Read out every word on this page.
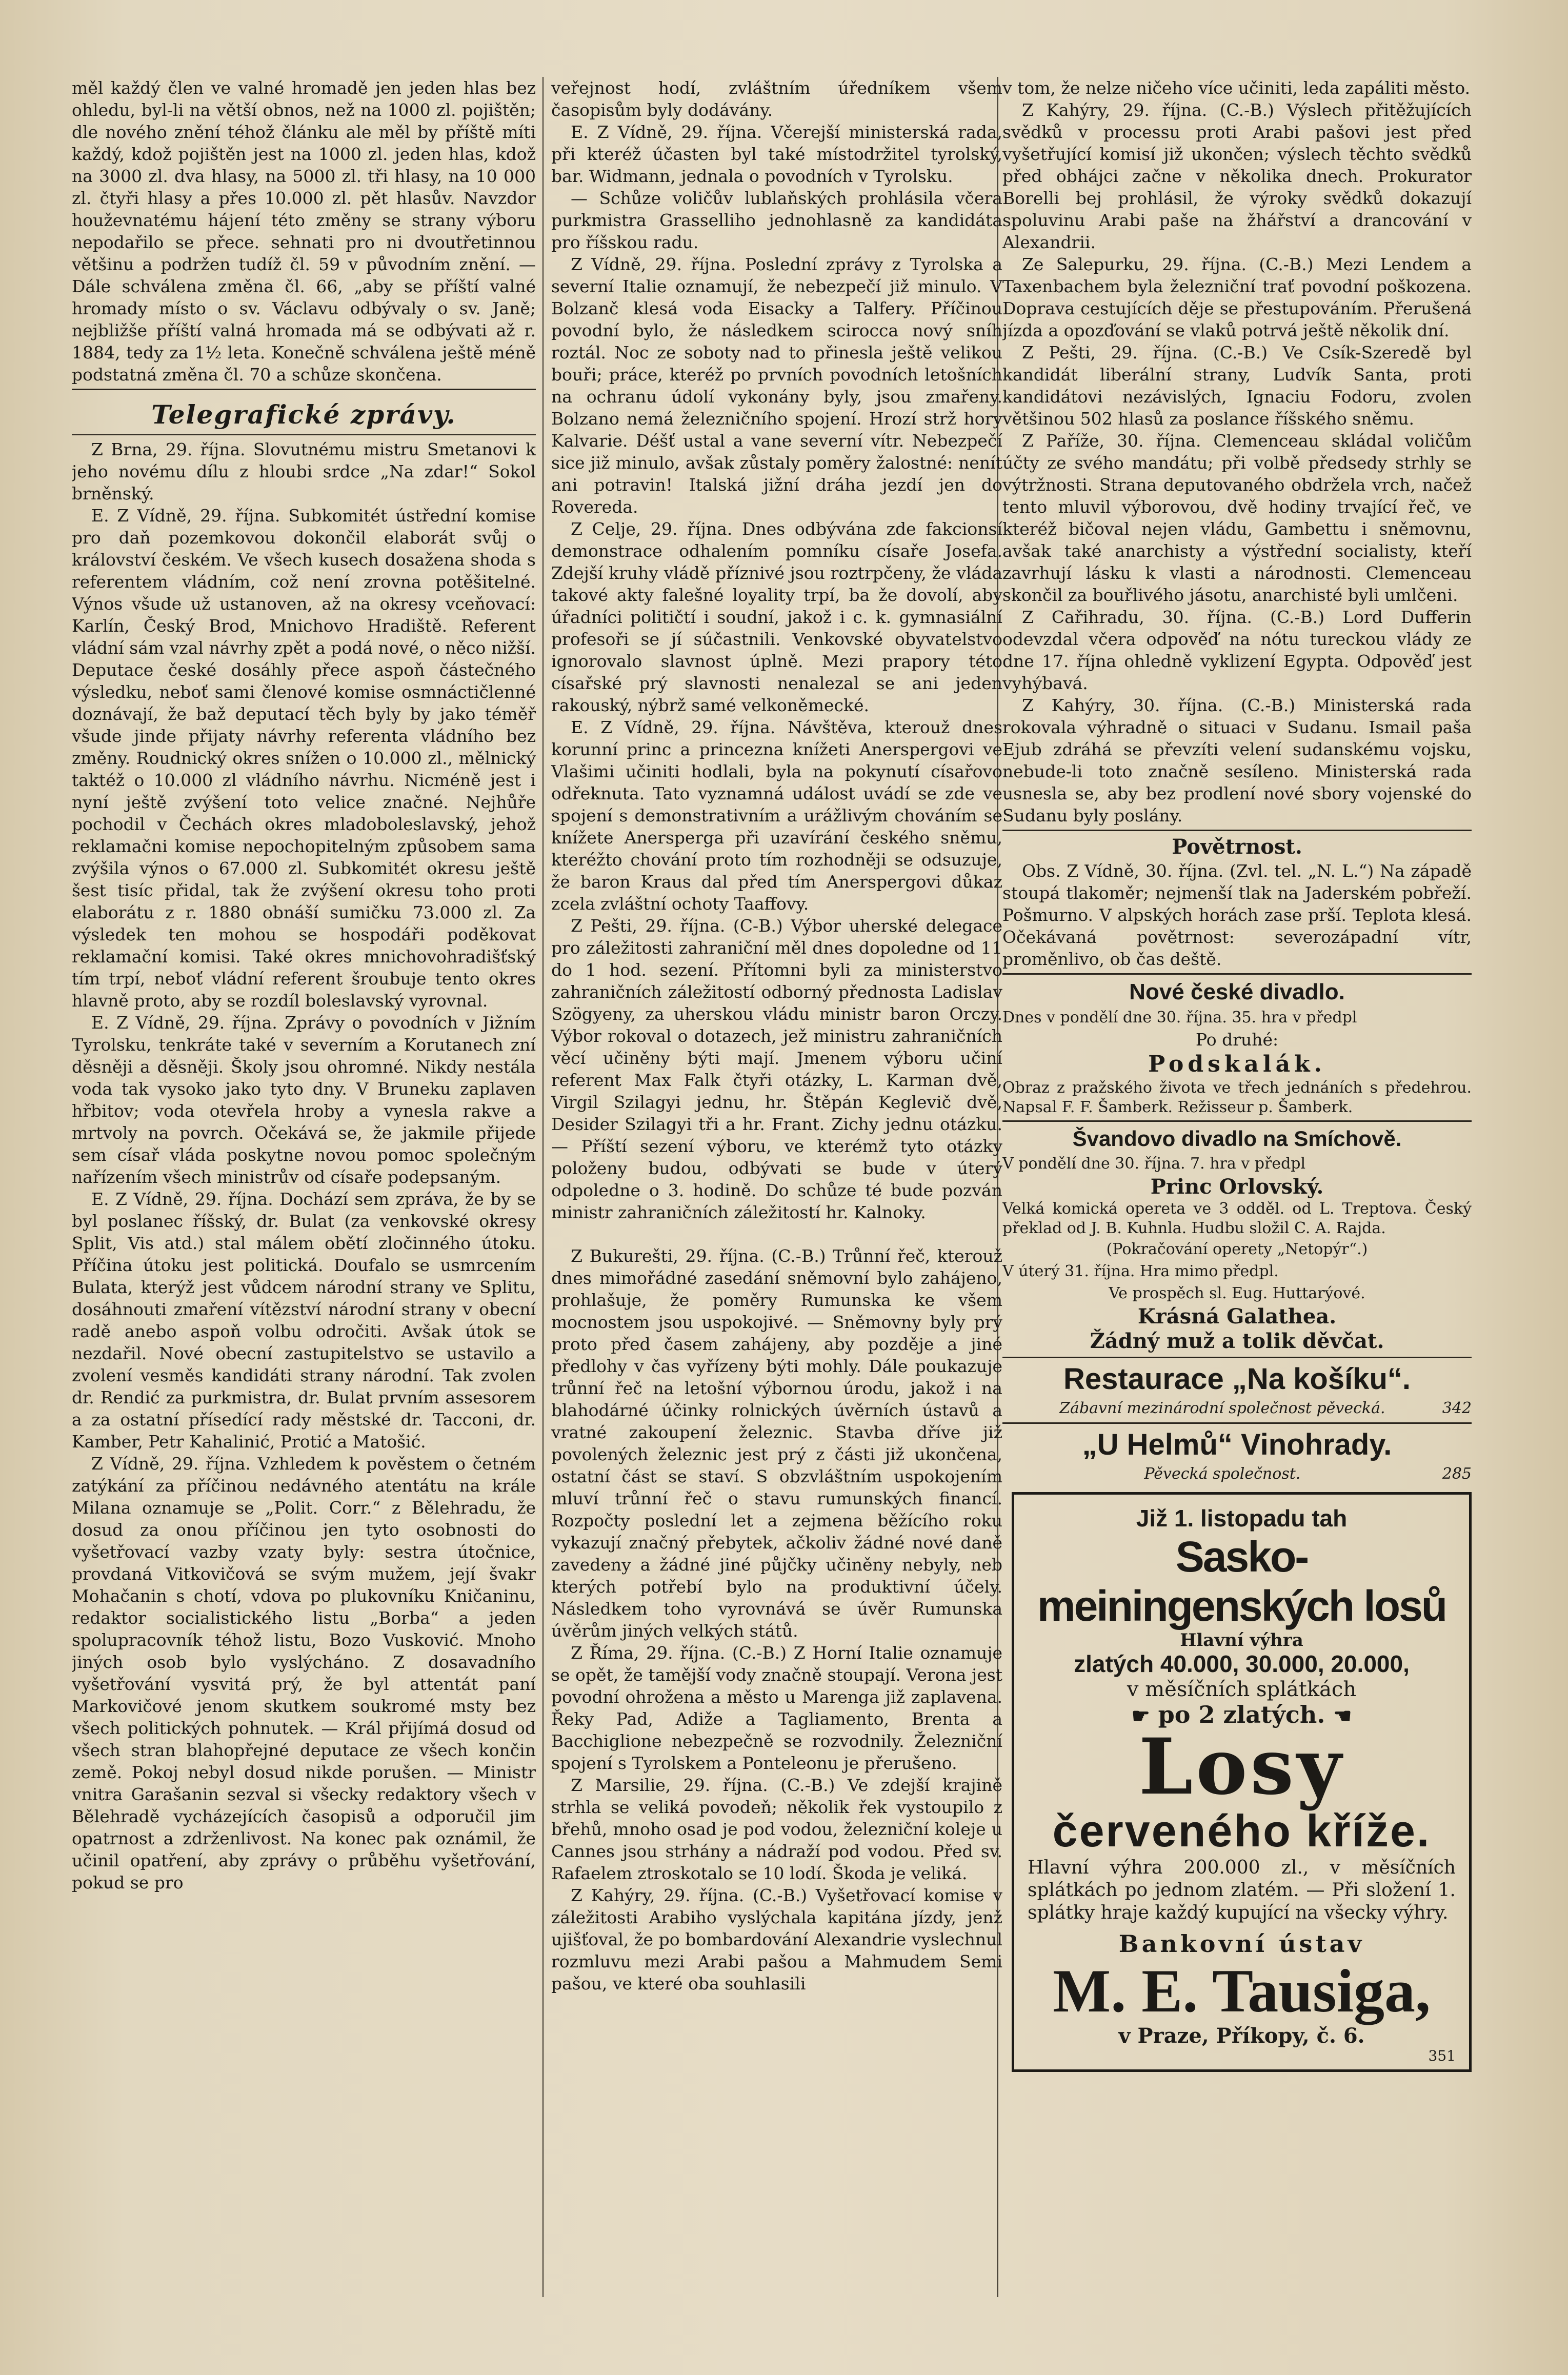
měl každý člen ve valné hromadě jen jeden hlas bez ohledu, byl-li na větší obnos, než na 1000 zl. pojištěn; dle nového znění téhož článku ale měl by příště míti každý, kdož pojištěn jest na 1000 zl. jeden hlas, kdož na 3000 zl. dva hlasy, na 5000 zl. tři hlasy, na 10 000 zl. čtyři hlasy a přes 10.000 zl. pět hlasův. Navzdor houževnatému hájení této změny se strany výboru nepodařilo se přece. sehnati pro ni dvoutřetinnou většinu a podržen tudíž čl. 59 v původním znění. — Dále schválena změna čl. 66, „aby se příští valné hromady místo o sv. Václavu odbývaly o sv. Janě; nejbližše příští valná hromada má se odbývati až r. 1884, tedy za 1½ leta. Konečně schválena ještě méně podstatná změna čl. 70 a schůze skončena.

Telegrafické zprávy.

Z Brna, 29. října. Slovutnému mistru Smetanovi k jeho novému dílu z hloubi srdce „Na zdar!“ Sokol brněnský.

E. Z Vídně, 29. října. Subkomitét ústřední komise pro daň pozemkovou dokončil elaborát svůj o království českém. Ve všech kusech dosažena shoda s referentem vládním, což není zrovna potěšitelné. Výnos všude už ustanoven, až na okresy vceňovací: Karlín, Český Brod, Mnichovo Hradiště. Referent vládní sám vzal návrhy zpět a podá nové, o něco nižší. Deputace české dosáhly přece aspoň částečného výsledku, neboť sami členové komise osmnáctičlenné doznávají, že baž deputací těch byly by jako téměř všude jinde přijaty návrhy referenta vládního bez změny. Roudnický okres snížen o 10.000 zl., mělnický taktéž o 10.000 zl vládního návrhu. Nicméně jest i nyní ještě zvýšení toto velice značné. Nejhůře pochodil v Čechách okres mladoboleslavský, jehož reklamačni komise nepochopitelným způsobem sama zvýšila výnos o 67.000 zl. Subkomitét okresu ještě šest tisíc přidal, tak že zvýšení okresu toho proti elaborátu z r. 1880 obnáší sumičku 73.000 zl. Za výsledek ten mohou se hospodáři poděkovat reklamační komisi. Také okres mnichovohradišťský tím trpí, neboť vládní referent šroubuje tento okres hlavně proto, aby se rozdíl boleslavský vyrovnal.

E. Z Vídně, 29. října. Zprávy o povodních v Jižním Tyrolsku, tenkráte také v severním a Korutanech zní děsněji a děsněji. Školy jsou ohromné. Nikdy nestála voda tak vysoko jako tyto dny. V Bruneku zaplaven hřbitov; voda otevřela hroby a vynesla rakve a mrtvoly na povrch. Očekává se, že jakmile přijede sem císař vláda poskytne novou pomoc společným nařízením všech ministrův od císaře podepsaným.

E. Z Vídně, 29. října. Dochází sem zpráva, že by se byl poslanec říšský, dr. Bulat (za venkovské okresy Split, Vis atd.) stal málem obětí zločinného útoku. Příčina útoku jest politická. Doufalo se usmrcením Bulata, kterýž jest vůdcem národní strany ve Splitu, dosáhnouti zmaření vítězství národní strany v obecní radě anebo aspoň volbu odročiti. Avšak útok se nezdařil. Nové obecní zastupitelstvo se ustavilo a zvolení vesměs kandidáti strany národní. Tak zvolen dr. Rendić za purkmistra, dr. Bulat prvním assesorem a za ostatní přísedící rady městské dr. Tacconi, dr. Kamber, Petr Kahalinić, Protić a Matošić.

Z Vídně, 29. října. Vzhledem k pověstem o četném zatýkání za příčinou nedávného atentátu na krále Milana oznamuje se „Polit. Corr.“ z Bělehradu, že dosud za onou příčinou jen tyto osobnosti do vyšetřovací vazby vzaty byly: sestra útočnice, provdaná Vitkovičová se svým mužem, její švakr Mohačanin s chotí, vdova po plukovníku Kničaninu, redaktor socialistického listu „Borba“ a jeden spolupracovník téhož listu, Bozo Vusković. Mnoho jiných osob bylo vyslýcháno. Z dosavadního vyšetřování vysvitá prý, že byl attentát paní Markovičové jenom skutkem soukromé msty bez všech politických pohnutek. — Král přijímá dosud od všech stran blahopřejné deputace ze všech končin země. Pokoj nebyl dosud nikde porušen. — Ministr vnitra Garašanin sezval si všecky redaktory všech v Bělehradě vycházejících časopisů a odporučil jim opatrnost a zdrženlivost. Na konec pak oznámil, že učinil opatření, aby zprávy o průběhu vyšetřování, pokud se pro

veřejnost hodí, zvláštním úředníkem všem časopisům byly dodávány.

E. Z Vídně, 29. října. Včerejší ministerská rada, při kteréž účasten byl také místodržitel tyrolský, bar. Widmann, jednala o povodních v Tyrolsku.

— Schůze voličův lublaňských prohlásila včera purkmistra Grasselliho jednohlasně za kandidáta pro říšskou radu.

Z Vídně, 29. října. Poslední zprávy z Tyrolska a severní Italie oznamují, že nebezpečí již minulo. V Bolzanč klesá voda Eisacky a Talfery. Příčinou povodní bylo, že následkem scirocca nový sníh roztál. Noc ze soboty nad to přinesla ještě velikou bouři; práce, kteréž po prvních povodních letošních na ochranu údolí vykonány byly, jsou zmařeny. Bolzano nemá železničního spojení. Hrozí strž hory Kalvarie. Déšť ustal a vane severní vítr. Nebezpečí sice již minulo, avšak zůstaly poměry žalostné: nenít ani potravin! Italská jižní dráha jezdí jen do Rovereda.

Z Celje, 29. října. Dnes odbývána zde fakcionsí demonstrace odhalením pomníku císaře Josefa. Zdejší kruhy vládě příznivé jsou roztrpčeny, že vláda takové akty falešné loyality trpí, ba že dovolí, aby úřadníci političtí i soudní, jakož i c. k. gymnasiální profesoři se jí súčastnili. Venkovské obyvatelstvo ignorovalo slavnost úplně. Mezi prapory této císařské prý slavnosti nenalezal se ani jeden rakouský, nýbrž samé velkoněmecké.

E. Z Vídně, 29. října. Návštěva, kterouž dnes korunní princ a princezna knížeti Anerspergovi ve Vlašimi učiniti hodlali, byla na pokynutí císařovo odřeknuta. Tato vyznamná událost uvádí se zde ve spojení s demonstrativním a urážlivým chováním se knížete Anersperga při uzavírání českého sněmu, kteréžto chování proto tím rozhodněji se odsuzuje, že baron Kraus dal před tím Anerspergovi důkaz zcela zvláštní ochoty Taaffovy.

Z Pešti, 29. října. (C-B.) Výbor uherské delegace pro záležitosti zahraniční měl dnes dopoledne od 11 do 1 hod. sezení. Přítomni byli za ministerstvo zahraničních záležitostí odborný přednosta Ladislav Szögyeny, za uherskou vládu ministr baron Orczy. Výbor rokoval o dotazech, jež ministru zahraničních věcí učiněny býti mají. Jmenem výboru učiní referent Max Falk čtyři otázky, L. Karman dvě, Virgil Szilagyi jednu, hr. Štěpán Keglevič dvě, Desider Szilagyi tři a hr. Frant. Zichy jednu otázku. — Příští sezení výboru, ve kterémž tyto otázky položeny budou, odbývati se bude v úterý odpoledne o 3. hodině. Do schůze té bude pozván ministr zahraničních záležitostí hr. Kalnoky.

Z Bukurešti, 29. října. (C.-B.) Trůnní řeč, kterouž dnes mimořádné zasedání sněmovní bylo zahájeno, prohlašuje, že poměry Rumunska ke všem mocnostem jsou uspokojivé. — Sněmovny byly prý proto před časem zahájeny, aby pozděje a jiné předlohy v čas vyřízeny býti mohly. Dále poukazuje trůnní řeč na letošní výbornou úrodu, jakož i na blahodárné účinky rolnických úvěrních ústavů a vratné zakoupení železnic. Stavba dříve již povolených železnic jest prý z části již ukončena, ostatní část se staví. S obzvláštním uspokojením mluví trůnní řeč o stavu rumunských financí. Rozpočty poslední let a zejmena běžícího roku vykazují značný přebytek, ačkoliv žádné nové daně zavedeny a žádné jiné půjčky učiněny nebyly, neb kterých potřebí bylo na produktivní účely. Následkem toho vyrovnává se úvěr Rumunska úvěrům jiných velkých států.

Z Říma, 29. října. (C.-B.) Z Horní Italie oznamuje se opět, že tamější vody značně stoupají. Verona jest povodní ohrožena a město u Marenga již zaplavena. Řeky Pad, Adiže a Tagliamento, Brenta a Bacchiglione nebezpečně se rozvodnily. Železniční spojení s Tyrolskem a Ponteleonu je přerušeno.

Z Marsilie, 29. října. (C.-B.) Ve zdejší krajině strhla se veliká povodeň; několik řek vystoupilo z břehů, mnoho osad je pod vodou, železniční koleje u Cannes jsou strhány a nádraží pod vodou. Před sv. Rafaelem ztroskotalo se 10 lodí. Škoda je veliká.

Z Kahýry, 29. října. (C.-B.) Vyšetřovací komise v záležitosti Arabiho vyslýchala kapitána jízdy, jenž ujišťoval, že po bombardování Alexandrie vyslechnul rozmluvu mezi Arabi pašou a Mahmudem Semi pašou, ve které oba souhlasili

v tom, že nelze ničeho více učiniti, leda zapáliti město.

Z Kahýry, 29. října. (C.-B.) Výslech přitěžujících svědků v processu proti Arabi pašovi jest před vyšetřující komisí již ukončen; výslech těchto svědků před obhájci začne v několika dnech. Prokurator Borelli bej prohlásil, že výroky svědků dokazují spoluvinu Arabi paše na žhářství a drancování v Alexandrii.

Ze Salepurku, 29. října. (C.-B.) Mezi Lendem a Taxenbachem byla železniční trať povodní poškozena. Doprava cestujících děje se přestupováním. Přerušená jízda a opozďování se vlaků potrvá ještě několik dní.

Z Pešti, 29. října. (C.-B.) Ve Csík-Szeredě byl kandidát liberální strany, Ludvík Santa, proti kandidátovi nezávislých, Ignaciu Fodoru, zvolen většinou 502 hlasů za poslance říšského sněmu.

Z Paříže, 30. října. Clemenceau skládal voličům účty ze svého mandátu; při volbě předsedy strhly se výtržnosti. Strana deputovaného obdržela vrch, načež tento mluvil výborovou, dvě hodiny trvající řeč, ve kteréž bičoval nejen vládu, Gambettu i sněmovnu, avšak také anarchisty a výstřední socialisty, kteří zavrhují lásku k vlasti a národnosti. Clemenceau skončil za bouřlivého jásotu, anarchisté byli umlčeni.

Z Cařihradu, 30. října. (C.-B.) Lord Dufferin odevzdal včera odpověď na nótu tureckou vlády ze dne 17. října ohledně vyklizení Egypta. Odpověď jest vyhýbavá.

Z Kahýry, 30. října. (C.-B.) Ministerská rada rokovala výhradně o situaci v Sudanu. Ismail paša Ejub zdráhá se převzíti velení sudanskému vojsku, nebude-li toto značně sesíleno. Ministerská rada usnesla se, aby bez prodlení nové sbory vojenské do Sudanu byly poslány.

Povětrnost.

Obs. Z Vídně, 30. října. (Zvl. tel. „N. L.“) Na západě stoupá tlakoměr; nejmenší tlak na Jaderském pobřeží. Pošmurno. V alpských horách zase prší. Teplota klesá. Očekávaná povětrnost: severozápadní vítr, proměnlivo, ob čas deště.

Nové české divadlo.
Dnes v pondělí dne 30. října. 35. hra v předpl
Po druhé:
Podskalák.
Obraz z pražského života ve třech jednáních s předehrou. Napsal F. F. Šamberk. Režisseur p. Šamberk.
Švandovo divadlo na Smíchově.
V pondělí dne 30. října. 7. hra v předpl
Princ Orlovský.
Velká komická opereta ve 3 odděl. od L. Treptova. Český překlad od J. B. Kuhnla. Hudbu složil C. A. Rajda.
(Pokračování operety „Netopýr“.)
V úterý 31. října. Hra mimo předpl.
Ve prospěch sl. Eug. Huttarýové.
Krásná Galathea.
Žádný muž a tolik děvčat.
Restaurace „Na košíku“.
Zábavní mezinárodní společnost pěvecká.	342
„U Helmů“ Vinohrady.
Pěvecká společnost.	285
Již 1. listopadu tah
Sasko-meiningenských losů
Hlavní výhra
zlatých 40.000, 30.000, 20.000,
v měsíčních splátkách
☛ po 2 zlatých. ☚
Losy
červeného kříže.
Hlavní výhra 200.000 zl., v měsíčních splátkách po jednom zlatém. — Při složení 1. splátky hraje každý kupující na všecky výhry.
Bankovní ústav
M. E. Tausiga,
v Praze, Příkopy, č. 6.
351
